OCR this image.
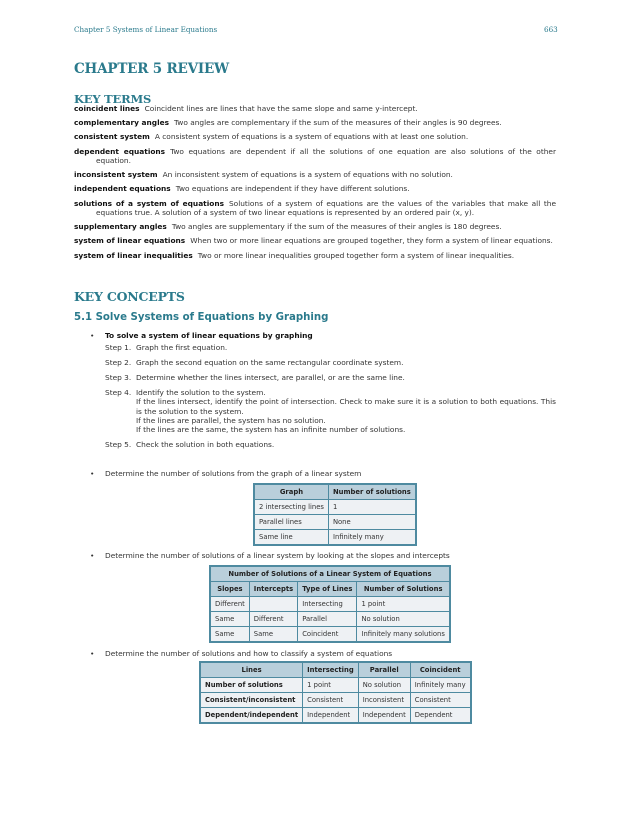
Chapter 5 Systems of Linear Equations	663
CHAPTER 5 REVIEW
KEY TERMS

coincident lines Coincident lines are lines that have the same slope and same y-intercept.

complementary angles Two angles are complementary if the sum of the measures of their angles is 90 degrees.

consistent system A consistent system of equations is a system of equations with at least one solution.

dependent equations Two equations are dependent if all the solutions of one equation are also solutions of the other equation.

inconsistent system An inconsistent system of equations is a system of equations with no solution.

independent equations Two equations are independent if they have different solutions.

solutions of a system of equations Solutions of a system of equations are the values of the variables that make all the equations true. A solution of a system of two linear equations is represented by an ordered pair (x, y).

supplementary angles Two angles are supplementary if the sum of the measures of their angles is 180 degrees.

system of linear equations When two or more linear equations are grouped together, they form a system of linear equations.

system of linear inequalities Two or more linear inequalities grouped together form a system of linear inequalities.

KEY CONCEPTS
5.1 Solve Systems of Equations by Graphing
• To solve a system of linear equations by graphing
Step 1. Graph the first equation.
Step 2. Graph the second equation on the same rectangular coordinate system.
Step 3. Determine whether the lines intersect, are parallel, or are the same line.
Step 4. Identify the solution to the system.
If the lines intersect, identify the point of intersection. Check to make sure it is a solution to both equations. This is the solution to the system.
If the lines are parallel, the system has no solution.
If the lines are the same, the system has an infinite number of solutions.
Step 5. Check the solution in both equations.
• Determine the number of solutions from the graph of a linear system
Graph	Number of solutions
2 intersecting lines	1
Parallel lines	None
Same line	Infinitely many
• Determine the number of solutions of a linear system by looking at the slopes and intercepts
Number of Solutions of a Linear System of Equations			
Slopes	Intercepts	Type of Lines	Number of Solutions
Different		Intersecting	1 point
Same	Different	Parallel	No solution
Same	Same	Coincident	Infinitely many solutions
• Determine the number of solutions and how to classify a system of equations
Lines	Intersecting	Parallel	Coincident
Number of solutions	1 point	No solution	Infinitely many
Consistent/inconsistent	Consistent	Inconsistent	Consistent
Dependent/independent	Independent	Independent	Dependent
